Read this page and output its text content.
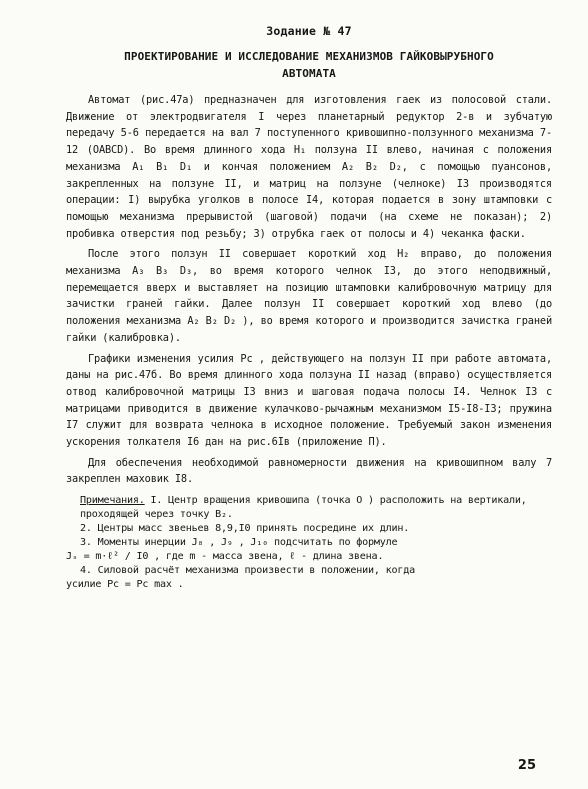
Зoдание № 47
ПРОЕКТИРОВАНИЕ И ИССЛЕДОВАНИЕ МЕХАНИЗМОВ ГАЙКОВЫРУБНОГО
АВТОМАТА

Автомат (рис.47а) предназначен для изготовления гаек из полосовой стали. Движение от электродвигателя I через планетарный редуктор 2-в и зубчатую передачу 5-6 передается на вал 7 поступенного кривошипно-ползунного механизма 7-12 (OABCD). Во время длинного хода H₁ ползуна II влево, начиная с положения механизма A₁ B₁ D₁ и кончая положением A₂ B₂ D₂, с помощью пуансонов, закрепленных на ползуне II, и матриц на ползуне (челноке) I3 производятся операции: I) вырубка уголков в полосе I4, которая подается в зону штамповки с помощью механизма прерывистой (шаговой) подачи (на схеме не показан); 2) пробивка отверстия под резьбу; 3) отрубка гаек от полосы и 4) чеканка фаски.

После этого ползун II совершает короткий ход H₂ вправо, до положения механизма A₃ B₃ D₃, во время которого челнок I3, до этого неподвижный, перемещается вверх и выставляет на позицию штамповки калибровочную матрицу для зачистки граней гайки. Далее ползун II совершает короткий ход влево (до положения механизма A₂ B₂ D₂ ), во время которого и производится зачистка граней гайки (калибровка).

Графики изменения усилия Pc , действующего на ползун II при работе автомата, даны на рис.47б. Во время длинного хода ползуна II назад (вправо) осуществляется отвод калибровочной матрицы I3 вниз и шаговая подача полосы I4. Челнок I3 с матрицами приводится в движение кулачково-рычажным механизмом I5-I8-I3; пружина I7 служит для возврата челнока в исходное положение. Требуемый закон изменения ускорения толкателя I6 дан на рис.6Iв (приложение П).

Для обеспечения необходимой равномерности движения на кривошипном валу 7 закреплен маховик I8.

Примечания. I. Центр вращения кривошипа (точка O ) расположить на вертикали, проходящей через точку B₂.
2. Центры масс звеньев 8,9,I0 принять посредине их длин.
3. Моменты инерции J₈ , J₉ , J₁₀ подсчитать по формуле
Jₛ = m·ℓ² / I0 , где m - масса звена, ℓ - длина звена.
4. Силовой расчёт механизма произвести в положении, когда
усилие Pc = Pc max .
25
